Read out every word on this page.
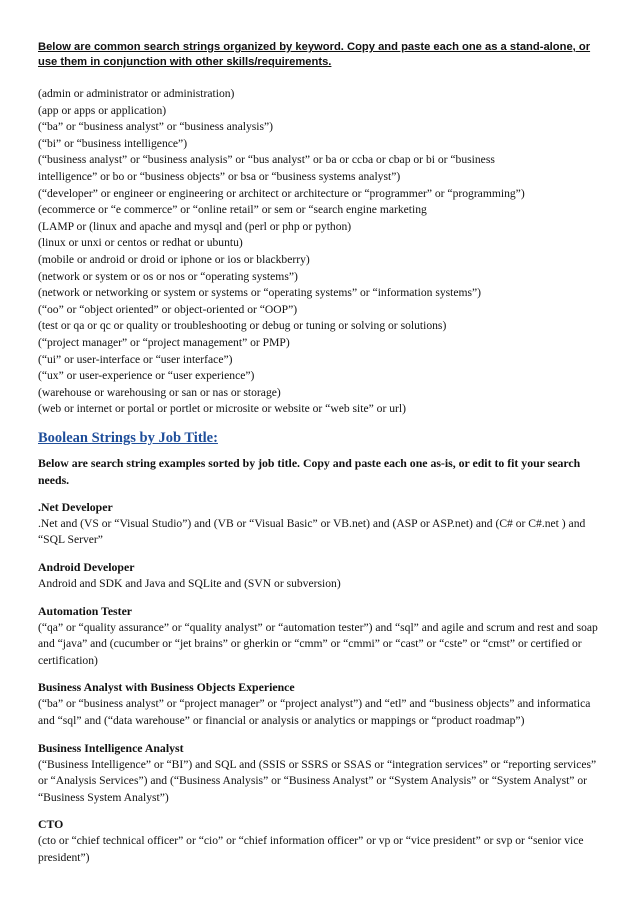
Below are common search strings organized by keyword. Copy and paste each one as a stand-alone, or use them in conjunction with other skills/requirements.
(admin or administrator or administration)
(app or apps or application)
(“ba” or “business analyst” or “business analysis”)
(“bi” or “business intelligence”)
(“business analyst” or “business analysis” or “bus analyst” or ba or ccba or cbap or bi or “business
intelligence” or bo or “business objects” or bsa or “business systems analyst”)
(“developer” or engineer or engineering or architect or architecture or “programmer” or “programming”)
(ecommerce or “e commerce” or “online retail” or sem or “search engine marketing
(LAMP or (linux and apache and mysql and (perl or php or python)
(linux or unxi or centos or redhat or ubuntu)
(mobile or android or droid or iphone or ios or blackberry)
(network or system or os or nos or “operating systems”)
(network or networking or system or systems or “operating systems” or “information systems”)
(“oo” or “object oriented” or object-oriented or “OOP”)
(test or qa or qc or quality or troubleshooting or debug or tuning or solving or solutions)
(“project manager” or “project management” or PMP)
(“ui” or user-interface or “user interface”)
(“ux” or user-experience or “user experience”)
(warehouse or warehousing or san or nas or storage)
(web or internet or portal or portlet or microsite or website or “web site” or url)
Boolean Strings by Job Title:
Below are search string examples sorted by job title. Copy and paste each one as-is, or edit to fit your search needs.
.Net Developer
.Net and (VS or “Visual Studio”) and (VB or “Visual Basic” or VB.net) and (ASP or ASP.net) and (C# or C#.net ) and “SQL Server”
Android Developer
Android and SDK and Java and SQLite and (SVN or subversion)
Automation Tester
(“qa” or “quality assurance” or “quality analyst” or “automation tester”) and “sql” and agile and scrum and rest and soap and “java” and (cucumber or “jet brains” or gherkin or “cmm” or “cmmi” or “cast” or “cste” or “cmst” or certified or certification)
Business Analyst with Business Objects Experience
(“ba” or “business analyst” or “project manager” or “project analyst”) and “etl” and “business objects” and informatica and “sql” and (“data warehouse” or financial or analysis or analytics or mappings or “product roadmap”)
Business Intelligence Analyst
(“Business Intelligence” or “BI”) and SQL and (SSIS or SSRS or SSAS or “integration services” or “reporting services” or “Analysis Services”) and (“Business Analysis” or “Business Analyst” or “System Analysis” or “System Analyst” or “Business System Analyst”)
CTO
(cto or “chief technical officer” or “cio” or “chief information officer” or vp or “vice president” or svp or “senior vice president”)
